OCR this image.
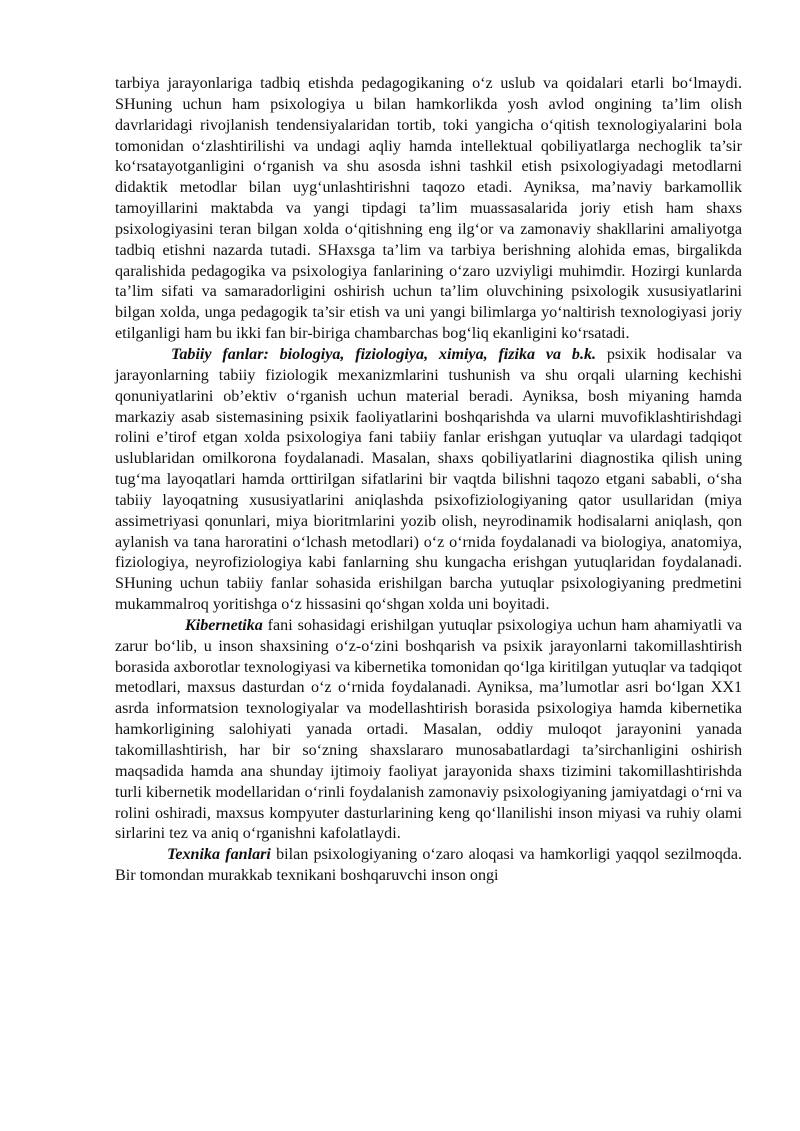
tarbiya jarayonlariga tadbiq etishda pedagogikaning o‘z uslub va qoidalari etarli bo‘lmaydi. SHuning uchun ham psixologiya u bilan hamkorlikda yosh avlod ongining ta’lim olish davrlaridagi rivojlanish tendensiyalaridan tortib, toki yangicha o‘qitish texnologiyalarini bola tomonidan o‘zlashtirilishi va undagi aqliy hamda intellektual qobiliyatlarga nechoglik ta’sir ko‘rsatayotganligini o‘rganish va shu asosda ishni tashkil etish psixologiyadagi metodlarni didaktik metodlar bilan uyg‘unlashtirishni taqozo etadi. Ayniksa, ma’naviy barkamollik tamoyillarini maktabda va yangi tipdagi ta’lim muassasalarida joriy etish ham shaxs psixologiyasini teran bilgan xolda o‘qitishning eng ilg‘or va zamonaviy shakllarini amaliyotga tadbiq etishni nazarda tutadi. SHaxsga ta’lim va tarbiya berishning alohida emas, birgalikda qaralishida pedagogika va psixologiya fanlarining o‘zaro uzviyligi muhimdir. Hozirgi kunlarda ta’lim sifati va samaradorligini oshirish uchun ta’lim oluvchining psixologik xususiyatlarini bilgan xolda, unga pedagogik ta’sir etish va uni yangi bilimlarga yo‘naltirish texnologiyasi joriy etilganligi ham bu ikki fan bir-biriga chambarchas bog‘liq ekanligini ko‘rsatadi.

Tabiiy fanlar: biologiya, fiziologiya, ximiya, fizika va b.k. psixik hodisalar va jarayonlarning tabiiy fiziologik mexanizmlarini tushunish va shu orqali ularning kechishi qonuniyatlarini ob’ektiv o‘rganish uchun material beradi. Ayniksa, bosh miyaning hamda markaziy asab sistemasining psixik faoliyatlarini boshqarishda va ularni muvofiklashtirishdagi rolini e’tirof etgan xolda psixologiya fani tabiiy fanlar erishgan yutuqlar va ulardagi tadqiqot uslublaridan omilkorona foydalanadi. Masalan, shaxs qobiliyatlarini diagnostika qilish uning tug‘ma layoqatlari hamda orttirilgan sifatlarini bir vaqtda bilishni taqozo etgani sababli, o‘sha tabiiy layoqatning xususiyatlarini aniqlashda psixofiziologiyaning qator usullaridan (miya assimetriyasi qonunlari, miya bioritmlarini yozib olish, neyrodinamik hodisalarni aniqlash, qon aylanish va tana haroratini o‘lchash metodlari) o‘z o‘rnida foydalanadi va biologiya, anatomiya, fiziologiya, neyrofiziologiya kabi fanlarning shu kungacha erishgan yutuqlaridan foydalanadi. SHuning uchun tabiiy fanlar sohasida erishilgan barcha yutuqlar psixologiyaning predmetini mukammalroq yoritishga o‘z hissasini qo‘shgan xolda uni boyitadi.

Kibernetika fani sohasidagi erishilgan yutuqlar psixologiya uchun ham ahamiyatli va zarur bo‘lib, u inson shaxsining o‘z-o‘zini boshqarish va psixik jarayonlarni takomillashtirish borasida axborotlar texnologiyasi va kibernetika tomonidan qo‘lga kiritilgan yutuqlar va tadqiqot metodlari, maxsus dasturdan o‘z o‘rnida foydalanadi. Ayniksa, ma’lumotlar asri bo‘lgan XX1 asrda informatsion texnologiyalar va modellashtirish borasida psixologiya hamda kibernetika hamkorligining salohiyati yanada ortadi. Masalan, oddiy muloqot jarayonini yanada takomillashtirish, har bir so‘zning shaxslararo munosabatlardagi ta’sirchanligini oshirish maqsadida hamda ana shunday ijtimoiy faoliyat jarayonida shaxs tizimini takomillashtirishda turli kibernetik modellaridan o‘rinli foydalanish zamonaviy psixologiyaning jamiyatdagi o‘rni va rolini oshiradi, maxsus kompyuter dasturlarining keng qo‘llanilishi inson miyasi va ruhiy olami sirlarini tez va aniq o‘rganishni kafolatlaydi.

Texnika fanlari bilan psixologiyaning o‘zaro aloqasi va hamkorligi yaqqol sezilmoqda. Bir tomondan murakkab texnikani boshqaruvchi inson ongi
